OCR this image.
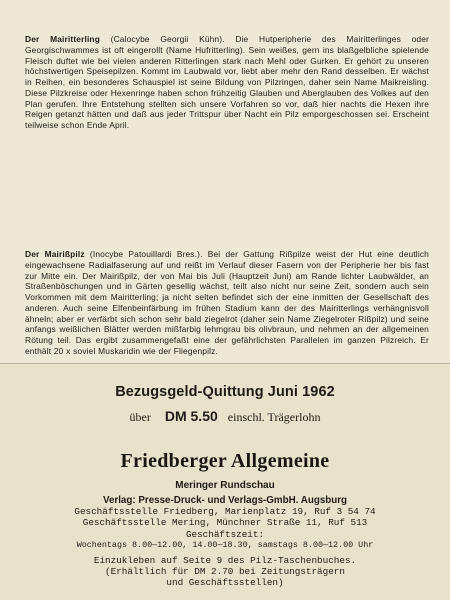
Der Mairitterling (Calocybe Georgii Kühn). Die Hutperipherie des Mairitterlinges oder Georgischwammes ist oft eingerollt (Name Hufritterling). Sein weißes, gern ins blaßgelbliche spielende Fleisch duftet wie bei vielen anderen Ritterlingen stark nach Mehl oder Gurken. Er gehört zu unseren höchstwertigen Speisepilzen. Kommt im Laubwald vor, liebt aber mehr den Rand desselben. Er wächst in Reihen, ein besonderes Schauspiel ist seine Bildung von Pilzringen, daher sein Name Maikreisling. Diese Pilzkreise oder Hexenringe haben schon frühzeitig Glauben und Aberglauben des Volkes auf den Plan gerufen. Ihre Entstehung stellten sich unsere Vorfahren so vor, daß hier nachts die Hexen ihre Reigen getanzt hätten und daß aus jeder Trittspur über Nacht ein Pilz emporgeschossen sei. Erscheint teilweise schon Ende April.

Der Mairißpilz (Inocybe Patouillardi Bres.). Bei der Gattung Rißpilze weist der Hut eine deutlich eingewachsene Radialfaserung auf und reißt im Verlauf dieser Fasern von der Peripherie her bis fast zur Mitte ein. Der Mairißpilz, der von Mai bis Juli (Hauptzeit Juni) am Rande lichter Laubwälder, an Straßenböschungen und in Gärten gesellig wächst, teilt also nicht nur seine Zeit, sondern auch sein Vorkommen mit dem Mairitterling; ja nicht selten befindet sich der eine inmitten der Gesellschaft des anderen. Auch seine Elfenbeinfärbung im frühen Stadium kann der des Mairitterlings verhängnisvoll ähneln; aber er verfärbt sich schon sehr bald ziegelrot (daher sein Name Ziegelroter Rißpilz) und seine anfangs weißlichen Blätter werden mißfarbig lehmgrau bis olivbraun, und nehmen an der allgemeinen Rötung teil. Das ergibt zusammengefaßt eine der gefährlichsten Parallelen im ganzen Pilzreich. Er enthält 20 x soviel Muskaridin wie der Fliegenpilz.

Bezugsgeld-Quittung Juni 1962
über DM 5.50 einschl. Trägerlohn
Friedberger Allgemeine
Meringer Rundschau
Verlag: Presse-Druck- und Verlags-GmbH. Augsburg
Geschäftsstelle Friedberg, Marienplatz 19, Ruf 3 54 74
Geschäftsstelle Mering, Münchner Straße 11, Ruf 513
Geschäftszeit:
Wochentags 8.00—12.00, 14.00—18.30, samstags 8.00—12.00 Uhr
Einzukleben auf Seite 9 des Pilz-Taschenbuches.
(Erhältlich für DM 2.70 bei Zeitungsträgern
und Geschäftsstellen)
